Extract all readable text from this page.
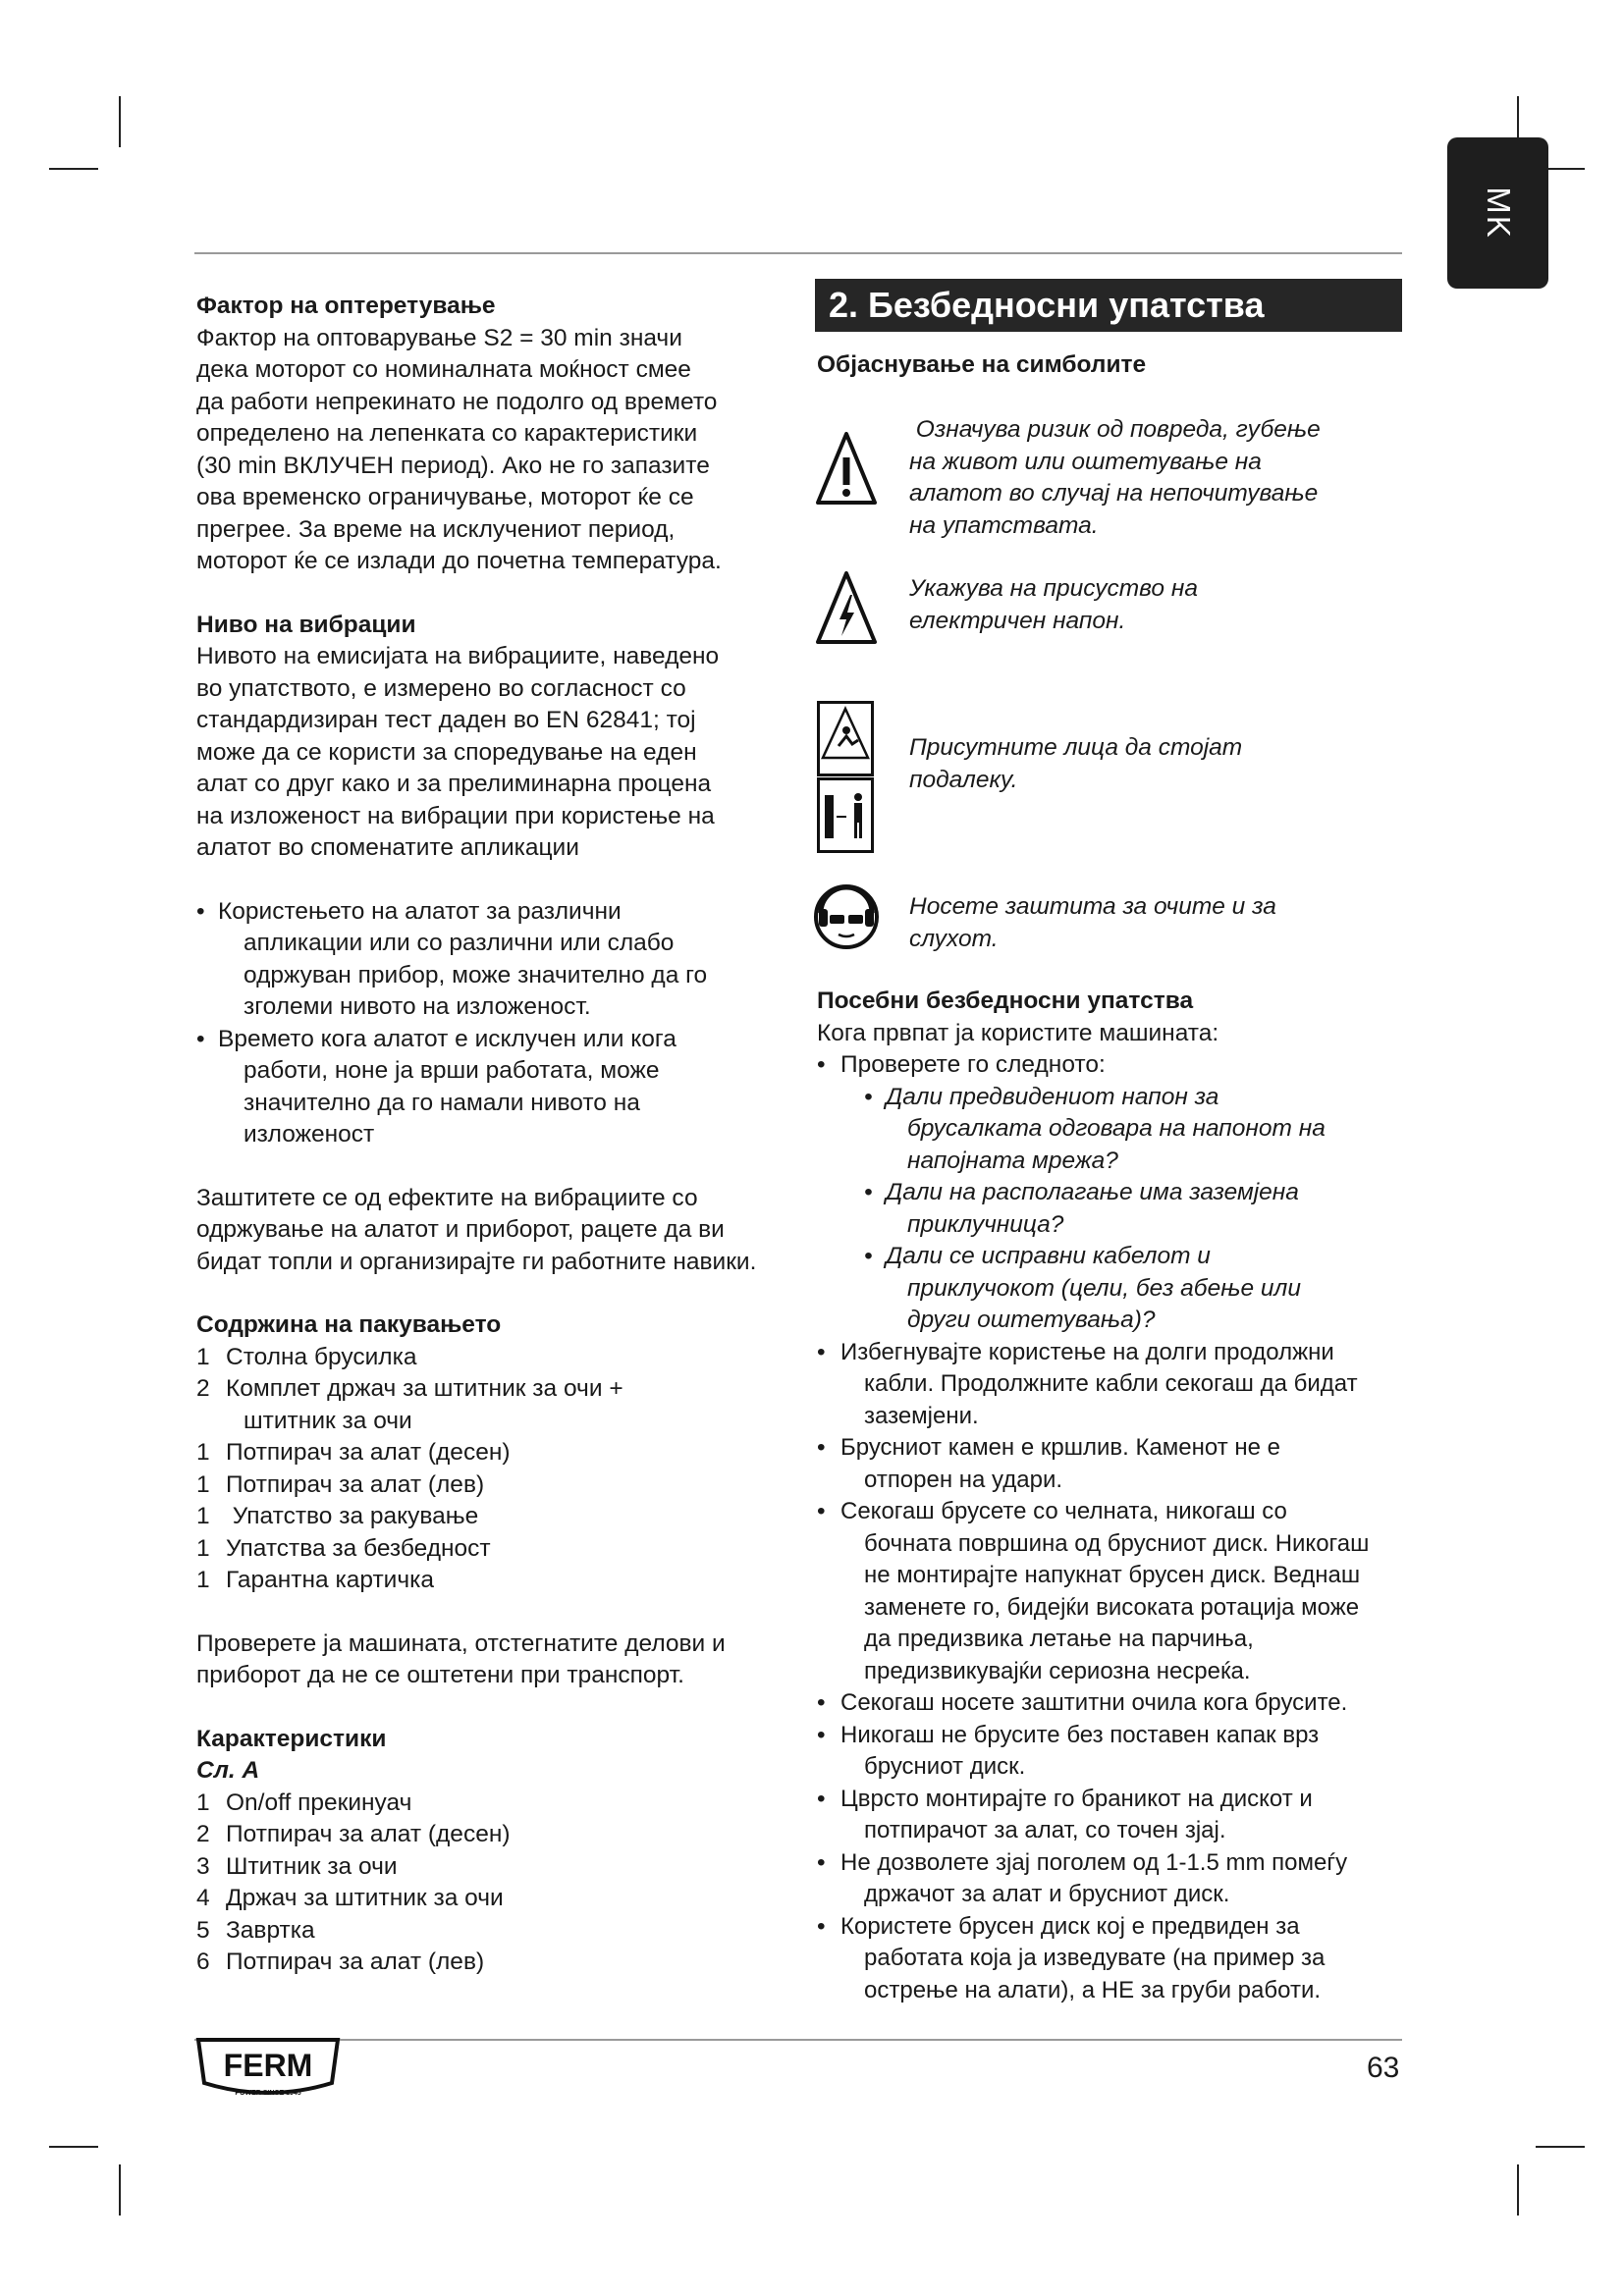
MK

Фактор на оптеретување

Фактор на оптоварување S2 = 30 min значи

дека моторот со номиналната моќност смее

да работи непрекинато не подолго од времето

определено на лепенката со карактеристики

(30 min ВКЛУЧЕН период). Ако не го запазите

ова временско ограничување, моторот ќе се

прегрее. За време на исклучениот период,

моторот ќе се излади до почетна температура.

Ниво на вибрации

Нивото на емисијата на вибрациите, наведено

во упатството, е измерено во согласност со

стандардизиран тест даден во EN 62841; тој

може да се користи за споредување на еден

алат со друг како и за прелиминарна процена

на изложеност на вибрации при користење на

алатот во споменатите апликации

• Користењето на алатот за различни

апликации или со различни или слабо

одржуван прибор, може значително да го

зголеми нивото на изложеност.

• Времето кога алатот е исклучен или кога

работи, ноне ја врши работата, може

значително да го намали нивото на

изложеност

Заштитете се од ефектите на вибрациите со

одржување на алатот и приборот, рацете да ви

бидат топли и организирајте ги работните навики.

Содржина на пакувањето

1 Столна брусилка

2 Комплет држач за штитник за очи +

штитник за очи

1 Потпирач за алат (десен)

1 Потпирач за алат (лев)

1 Упатство за ракување

1 Упатства за безбедност

1 Гарантна картичка

Проверете ја машината, отстегнатите делови и

приборот да не се оштетени при транспорт.

Карактеристики

Сл. A

1 On/off прекинуач

2 Потпирач за алат (десен)

3 Штитник за очи

4 Држач за штитник за очи

5 Завртка

6 Потпирач за алат (лев)

2. Безбедносни упатства

Објаснување на симболите

Означува ризик од повреда, губење

на живот или оштетување на

алатот во случај на непочитување

на упатствата.

Укажува на присуство на

електричен напон.

Присутните лица да стојат

подалеку.

Носете заштита за очите и за

слухот.

Посебни безбедносни упатства

Кога првпат ја користите машината:

• Проверете го следното:

• Дали предвидениот напон за

брусалката одговара на напонот на

напојната мрежа?

• Дали на располагање има заземјена

приклучница?

• Дали се исправни кабелот и

приклучокот (цели, без абење или

други оштетувања)?

• Избегнувајте користење на долги продолжни

кабли. Продолжните кабли секогаш да бидат

заземјени.

• Брусниот камен е кршлив. Каменот не е

отпорен на удари.

• Секогаш брусете со челната, никогаш со

бочната површина од брусниот диск. Никогаш

не монтирајте напукнат брусен диск. Веднаш

заменете го, бидејќи високата ротација може

да предизвика летање на парчиња,

предизвикувајќи сериозна несреќа.

• Секогаш носете заштитни очила кога брусите.

• Никогаш не брусите без поставен капак врз

брусниот диск.

• Цврсто монтирајте го браникот на дискот и

потпирачот за алат, со точен зјај.

• Не дозволете зјај поголем од 1-1.5 mm помеѓу

држачот за алат и брусниот диск.

• Користете брусен диск кој е предвиден за

работата која ја изведувате (на пример за

острење на алати), а НЕ за груби работи.

FERM
POWER SINCE 1945
63
